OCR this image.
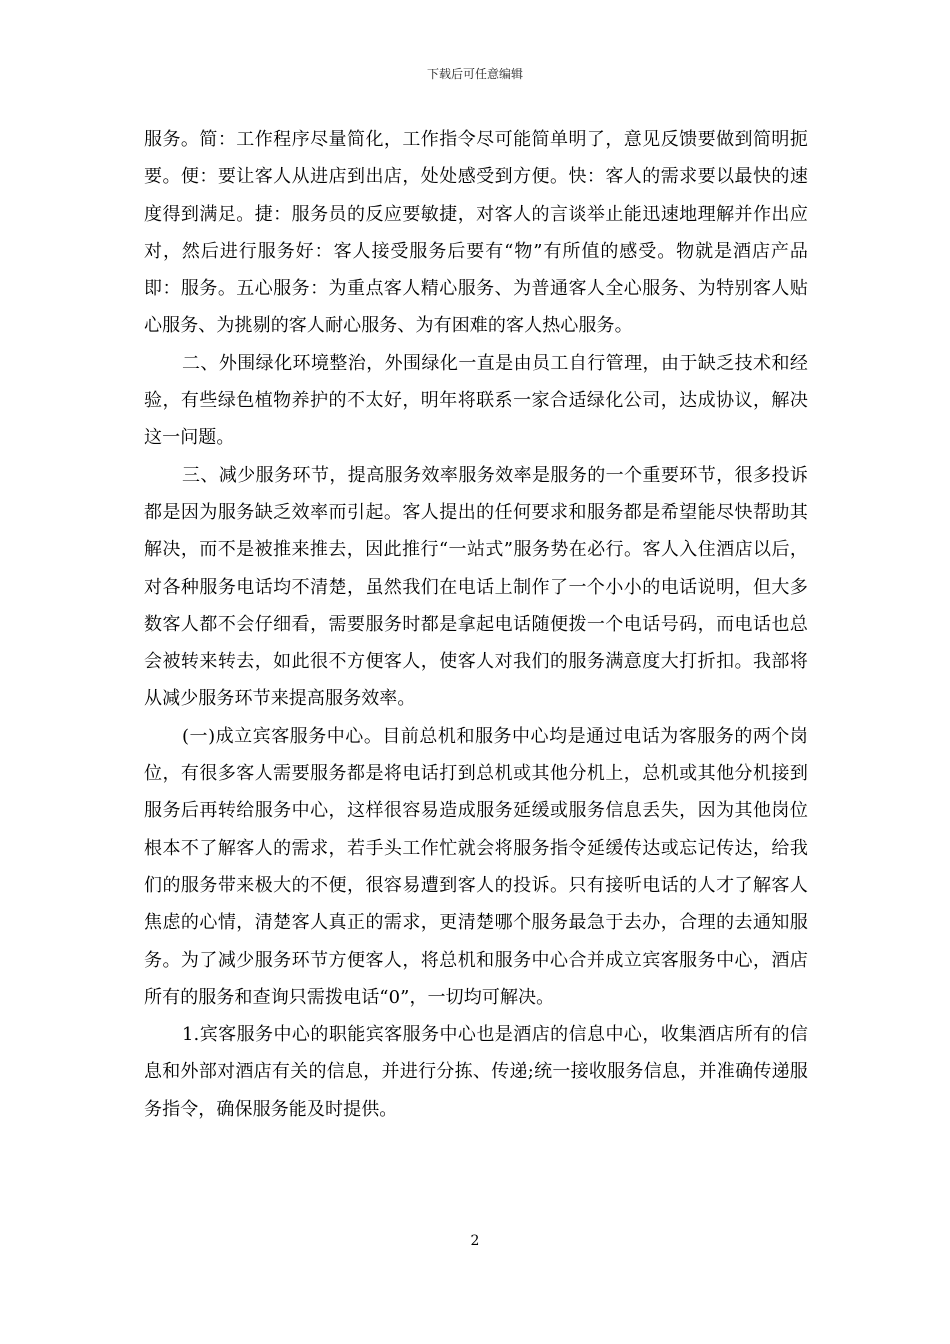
下载后可任意编辑

服务。简：工作程序尽量简化，工作指令尽可能简单明了，意见反馈要做到简明扼要。便：要让客人从进店到出店，处处感受到方便。快：客人的需求要以最快的速度得到满足。捷：服务员的反应要敏捷，对客人的言谈举止能迅速地理解并作出应对，然后进行服务好：客人接受服务后要有“物”有所值的感受。物就是酒店产品即：服务。五心服务：为重点客人精心服务、为普通客人全心服务、为特别客人贴心服务、为挑剔的客人耐心服务、为有困难的客人热心服务。

二、外围绿化环境整治，外围绿化一直是由员工自行管理，由于缺乏技术和经验，有些绿色植物养护的不太好，明年将联系一家合适绿化公司，达成协议，解决这一问题。

三、减少服务环节，提高服务效率服务效率是服务的一个重要环节，很多投诉都是因为服务缺乏效率而引起。客人提出的任何要求和服务都是希望能尽快帮助其解决，而不是被推来推去，因此推行“一站式”服务势在必行。客人入住酒店以后，对各种服务电话均不清楚，虽然我们在电话上制作了一个小小的电话说明，但大多数客人都不会仔细看，需要服务时都是拿起电话随便拨一个电话号码，而电话也总会被转来转去，如此很不方便客人，使客人对我们的服务满意度大打折扣。我部将从减少服务环节来提高服务效率。

(一)成立宾客服务中心。目前总机和服务中心均是通过电话为客服务的两个岗位，有很多客人需要服务都是将电话打到总机或其他分机上，总机或其他分机接到服务后再转给服务中心，这样很容易造成服务延缓或服务信息丢失，因为其他岗位根本不了解客人的需求，若手头工作忙就会将服务指令延缓传达或忘记传达，给我们的服务带来极大的不便，很容易遭到客人的投诉。只有接听电话的人才了解客人焦虑的心情，清楚客人真正的需求，更清楚哪个服务最急于去办，合理的去通知服务。为了减少服务环节方便客人，将总机和服务中心合并成立宾客服务中心，酒店所有的服务和查询只需拨电话“0”，一切均可解决。

1.宾客服务中心的职能宾客服务中心也是酒店的信息中心，收集酒店所有的信息和外部对酒店有关的信息，并进行分拣、传递;统一接收服务信息，并准确传递服务指令，确保服务能及时提供。

2
